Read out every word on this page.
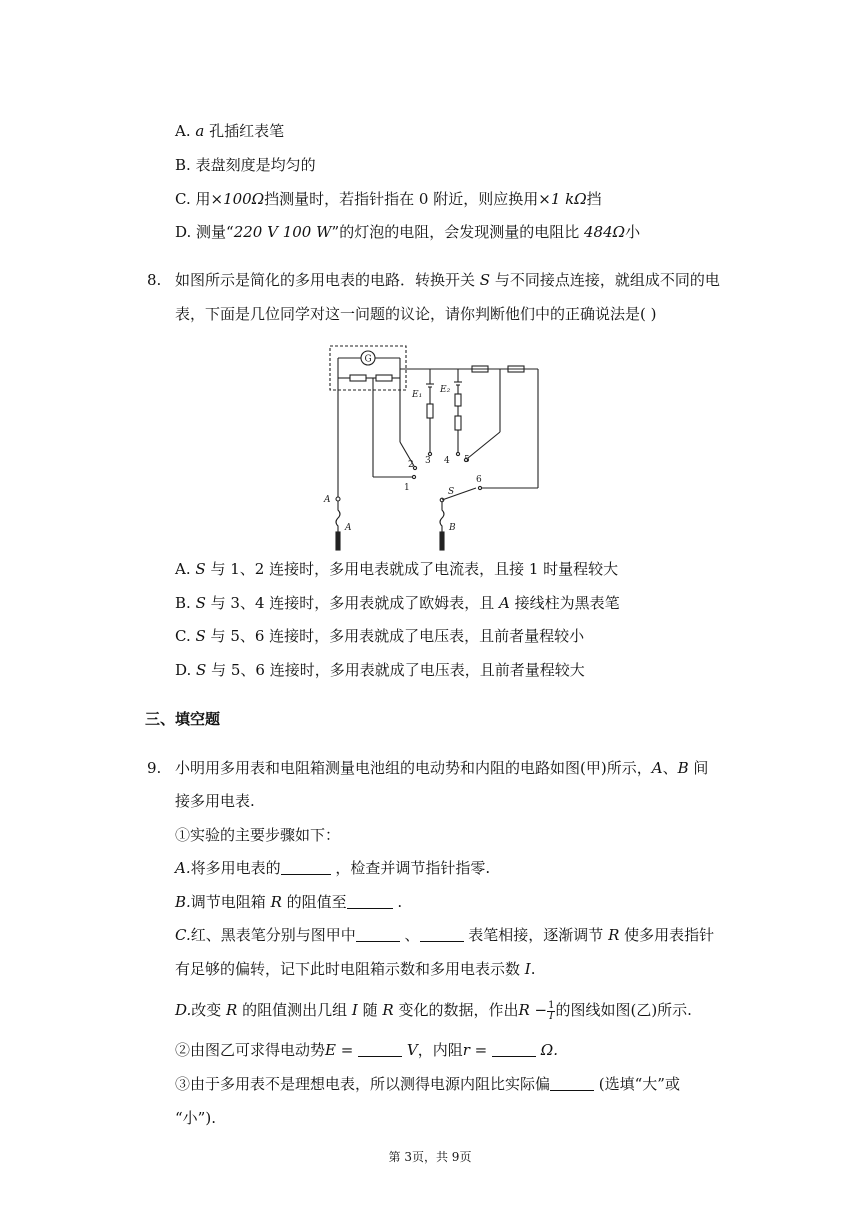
A. a 孔插红表笔
B. 表盘刻度是均匀的
C. 用×100Ω挡测量时，若指针指在 0 附近，则应换用×1 kΩ挡
D. 测量“220 V 100 W”的灯泡的电阻，会发现测量的电阻比 484Ω小
8. 如图所示是简化的多用电表的电路．转换开关 S 与不同接点连接，就组成不同的电
表，下面是几位同学对这一问题的议论，请你判断他们中的正确说法是( )
G
A
A
1
2
E₁
3
E₂
4 5
6
S
B
A. S 与 1、2 连接时，多用电表就成了电流表，且接 1 时量程较大
B. S 与 3、4 连接时，多用表就成了欧姆表，且 A 接线柱为黑表笔
C. S 与 5、6 连接时，多用表就成了电压表，且前者量程较小
D. S 与 5、6 连接时，多用表就成了电压表，且前者量程较大
三、填空题
9. 小明用多用表和电阻箱测量电池组的电动势和内阻的电路如图(甲)所示，A、B 间
接多用电表.
①实验的主要步骤如下：
A.将多用电表的	，检查并调节指针指零.
B.调节电阻箱 R 的阻值至	.
C.红、黑表笔分别与图甲中	、	表笔相接，逐渐调节 R 使多用表指针
有足够的偏转，记下此时电阻箱示数和多用电表示数 I.
D.改变 R 的阻值测出几组 I 随 R 变化的数据，作出$R - \frac{1}{I}$ 的图线如图(乙)所示.
②由图乙可求得电动势E =	V，内阻r =	Ω.
③由于多用表不是理想电表，所以测得电源内阻比实际偏	(选填“大”或
“小”).
第 3页，共 9页
